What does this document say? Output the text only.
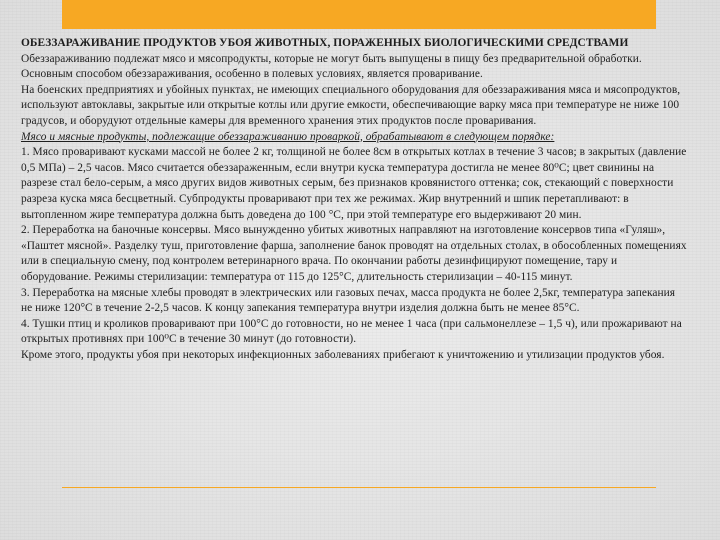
ОБЕЗЗАРАЖИВАНИЕ ПРОДУКТОВ УБОЯ ЖИВОТНЫХ, ПОРАЖЕННЫХ БИОЛОГИЧЕСКИМИ СРЕДСТВАМИ

Обеззараживанию подлежат мясо и мясопродукты, которые не могут быть выпущены в пищу без предварительной обработки. Основным способом обеззараживания, особенно в полевых условиях, является проваривание.

На боенских предприятиях и убойных пунктах, не имеющих специального оборудования для обеззараживания мяса и мясопродуктов, используют автоклавы, закрытые или открытые котлы или другие емкости, обеспечивающие варку мяса при температуре не ниже 100 градусов, и оборудуют отдельные камеры для временного хранения этих продуктов после проваривания.

Мясо и мясные продукты, подлежащие обеззараживанию проваркой, обрабатывают в следующем порядке:

1. Мясо проваривают кусками массой не более 2 кг, толщиной не более 8см в открытых котлах в течение 3 часов; в закрытых (давление 0,5 МПа) – 2,5 часов. Мясо считается обеззараженным, если внутри куска температура достигла не менее 80⁰С; цвет свинины на разрезе стал бело-серым, а мясо других видов животных серым, без признаков кровянистого оттенка; сок, стекающий с поверхности разреза куска мяса бесцветный. Субпродукты проваривают при тех же режимах. Жир внутренний и шпик перетапливают: в вытопленном жире температура должна быть доведена до 100 °С, при этой температуре его выдерживают 20 мин.

2. Переработка на баночные консервы. Мясо вынужденно убитых животных направляют на изготовление консервов типа «Гуляш», «Паштет мясной». Разделку туш, приготовление фарша, заполнение банок проводят на отдельных столах, в обособленных помещениях или в специальную смену, под контролем ветеринарного врача. По окончании работы дезинфицируют помещение, тару и оборудование. Режимы стерилизации: температура от 115 до 125°С, длительность стерилизации – 40-115 минут.

3. Переработка на мясные хлебы проводят в электрических или газовых печах, масса продукта не более 2,5кг, температура запекания не ниже 120°С в течение 2-2,5 часов. К концу запекания температура внутри изделия должна быть не менее 85°С.

4. Тушки птиц и кроликов проваривают при 100°С до готовности, но не менее 1 часа (при сальмонеллезе – 1,5 ч), или прожаривают на открытых противнях при 100⁰С в течение 30 минут (до готовности).

Кроме этого, продукты убоя при некоторых инфекционных заболеваниях прибегают к уничтожению и утилизации продуктов убоя.
